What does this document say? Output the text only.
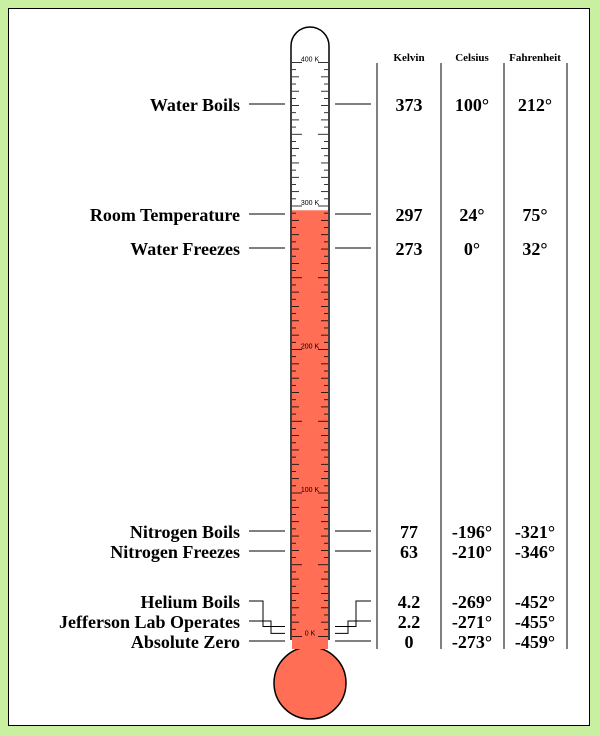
Kelvin	Celsius Fahrenheit
400 K
300 K
200 K
100 K
0 K
Water Boils	373 100° 212°
Room Temperature	297 24° 75°
Water Freezes	273 0° 32°
Nitrogen Boils	77 -196° -321°
Nitrogen Freezes	63 -210° -346°
Helium Boils	4.2 -269° -452°
Jefferson Lab Operates	2.2 -271° -455°
Absolute Zero	0 -273° -459°
